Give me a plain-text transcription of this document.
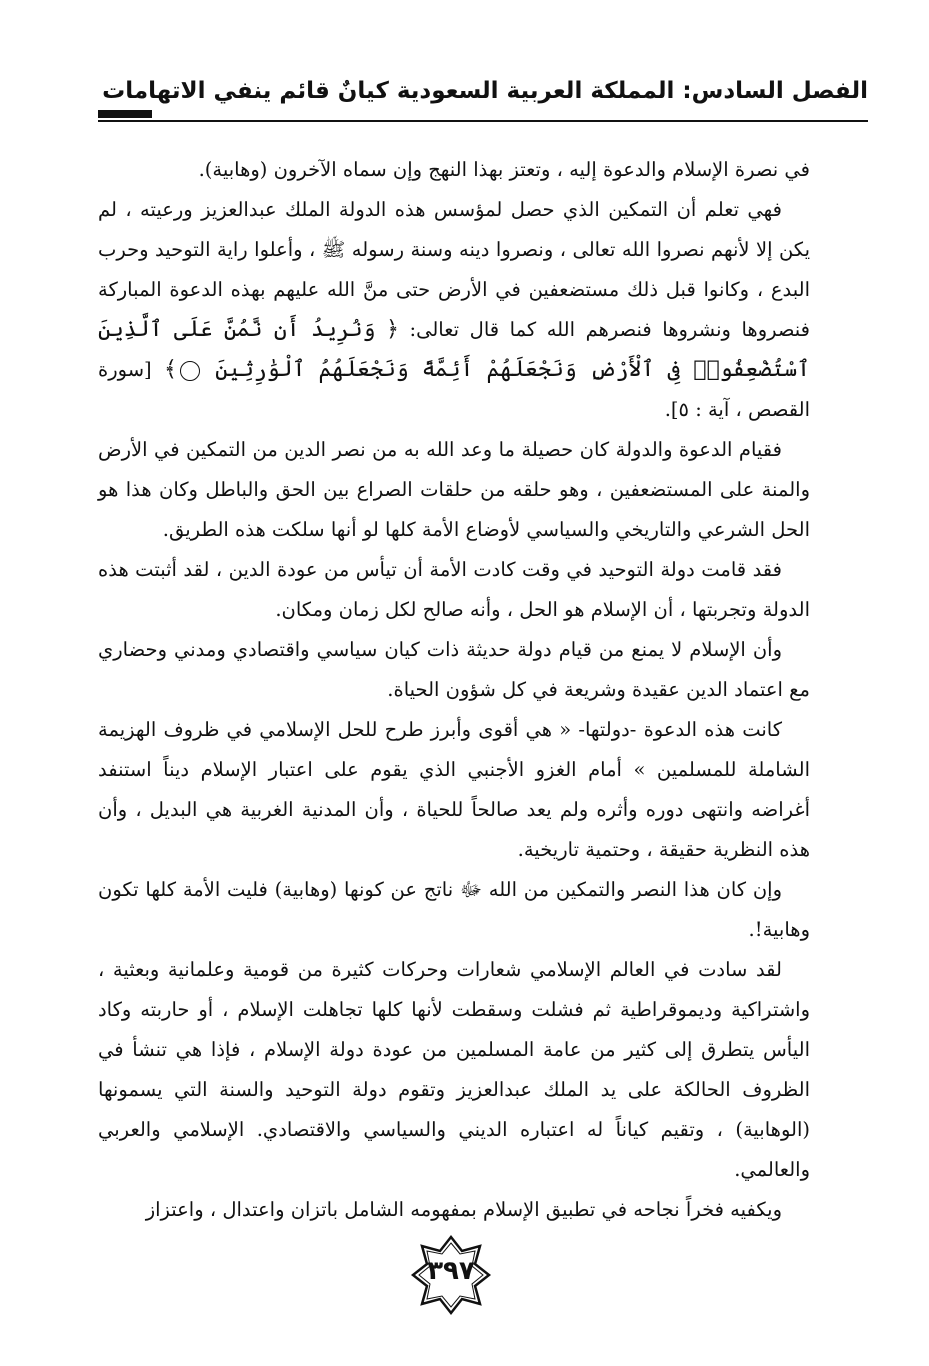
الفصل السادس: المملكة العربية السعودية كيانٌ قائم ينفي الاتهامات

في نصرة الإسلام والدعوة إليه ، وتعتز بهذا النهج وإن سماه الآخرون (وهابية).

فهي تعلم أن التمكين الذي حصل لمؤسس هذه الدولة الملك عبدالعزيز ورعيته ، لم يكن إلا لأنهم نصروا الله تعالى ، ونصروا دينه وسنة رسوله ﷺ ، وأعلوا راية التوحيد وحرب البدع ، وكانوا قبل ذلك مستضعفين في الأرض حتى منَّ الله عليهم بهذه الدعوة المباركة فنصروها ونشروها فنصرهم الله كما قال تعالى: ﴿ وَنُرِيدُ أَن نَّمُنَّ عَلَى ٱلَّذِينَ ٱسْتُضْعِفُوا۟ فِى ٱلْأَرْضِ وَنَجْعَلَهُمْ أَئِمَّةً وَنَجْعَلَهُمُ ٱلْوَٰرِثِينَ ﴾ [سورة القصص ، آية : ٥].

فقيام الدعوة والدولة كان حصيلة ما وعد الله به من نصر الدين من التمكين في الأرض والمنة على المستضعفين ، وهو حلقه من حلقات الصراع بين الحق والباطل وكان هذا هو الحل الشرعي والتاريخي والسياسي لأوضاع الأمة كلها لو أنها سلكت هذه الطريق.

فقد قامت دولة التوحيد في وقت كادت الأمة أن تيأس من عودة الدين ، لقد أثبتت هذه الدولة وتجربتها ، أن الإسلام هو الحل ، وأنه صالح لكل زمان ومكان.

وأن الإسلام لا يمنع من قيام دولة حديثة ذات كيان سياسي واقتصادي ومدني وحضاري مع اعتماد الدين عقيدة وشريعة في كل شؤون الحياة.

كانت هذه الدعوة -دولتها- « هي أقوى وأبرز طرح للحل الإسلامي في ظروف الهزيمة الشاملة للمسلمين » أمام الغزو الأجنبي الذي يقوم على اعتبار الإسلام ديناً استنفد أغراضه وانتهى دوره وأثره ولم يعد صالحاً للحياة ، وأن المدنية الغربية هي البديل ، وأن هذه النظرية حقيقة ، وحتمية تاريخية.

وإن كان هذا النصر والتمكين من الله ﷻ ناتج عن كونها (وهابية) فليت الأمة كلها تكون وهابية!.

لقد سادت في العالم الإسلامي شعارات وحركات كثيرة من قومية وعلمانية وبعثية ، واشتراكية وديموقراطية ثم فشلت وسقطت لأنها كلها تجاهلت الإسلام ، أو حاربته وكاد اليأس يتطرق إلى كثير من عامة المسلمين من عودة دولة الإسلام ، فإذا هي تنشأ في الظروف الحالكة على يد الملك عبدالعزيز وتقوم دولة التوحيد والسنة التي يسمونها (الوهابية) ، وتقيم كياناً له اعتباره الديني والسياسي والاقتصادي. الإسلامي والعربي والعالمي.

ويكفيه فخراً نجاحه في تطبيق الإسلام بمفهومه الشامل باتزان واعتدال ، واعتزاز

٣٩٧
